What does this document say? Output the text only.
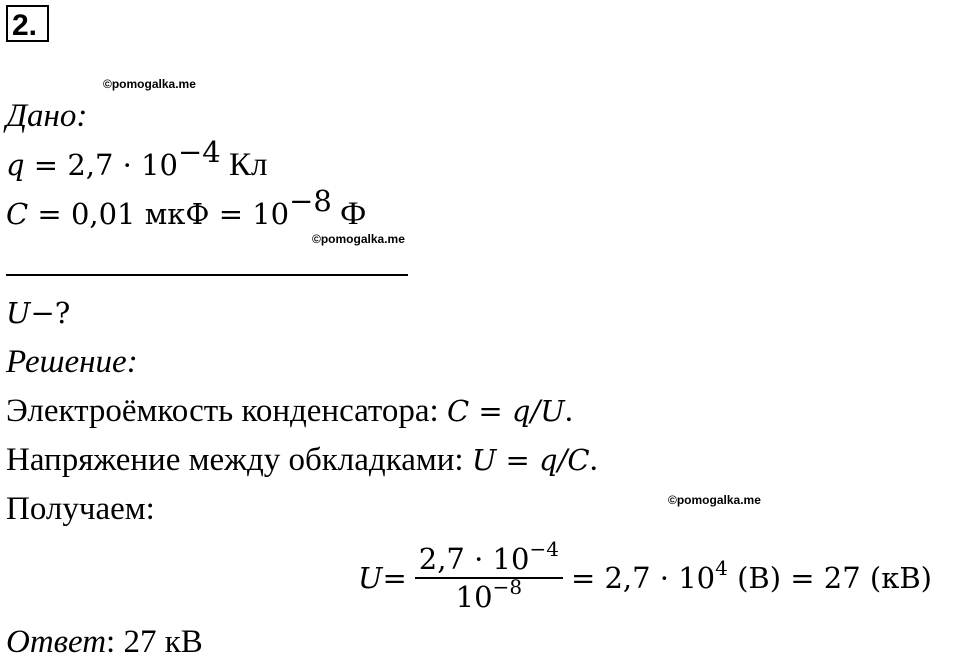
2.
©pomogalka.me
©pomogalka.me
©pomogalka.me
Дано:
$q = 2,7 \cdot 10^{-4}$ Кл
C = 0,01 мкФ = $10^{-8}$ Ф
U−?
Решение:
Электроёмкость конденсатора: C = q/U.
Напряжение между обкладками: U = q/C.
Получаем:
$U = \frac{2,7 \cdot 10^{-4}}{10^{-8}} = 2,7 \cdot 10^4$ (В) = 27 (кВ)
Ответ: 27 кВ
